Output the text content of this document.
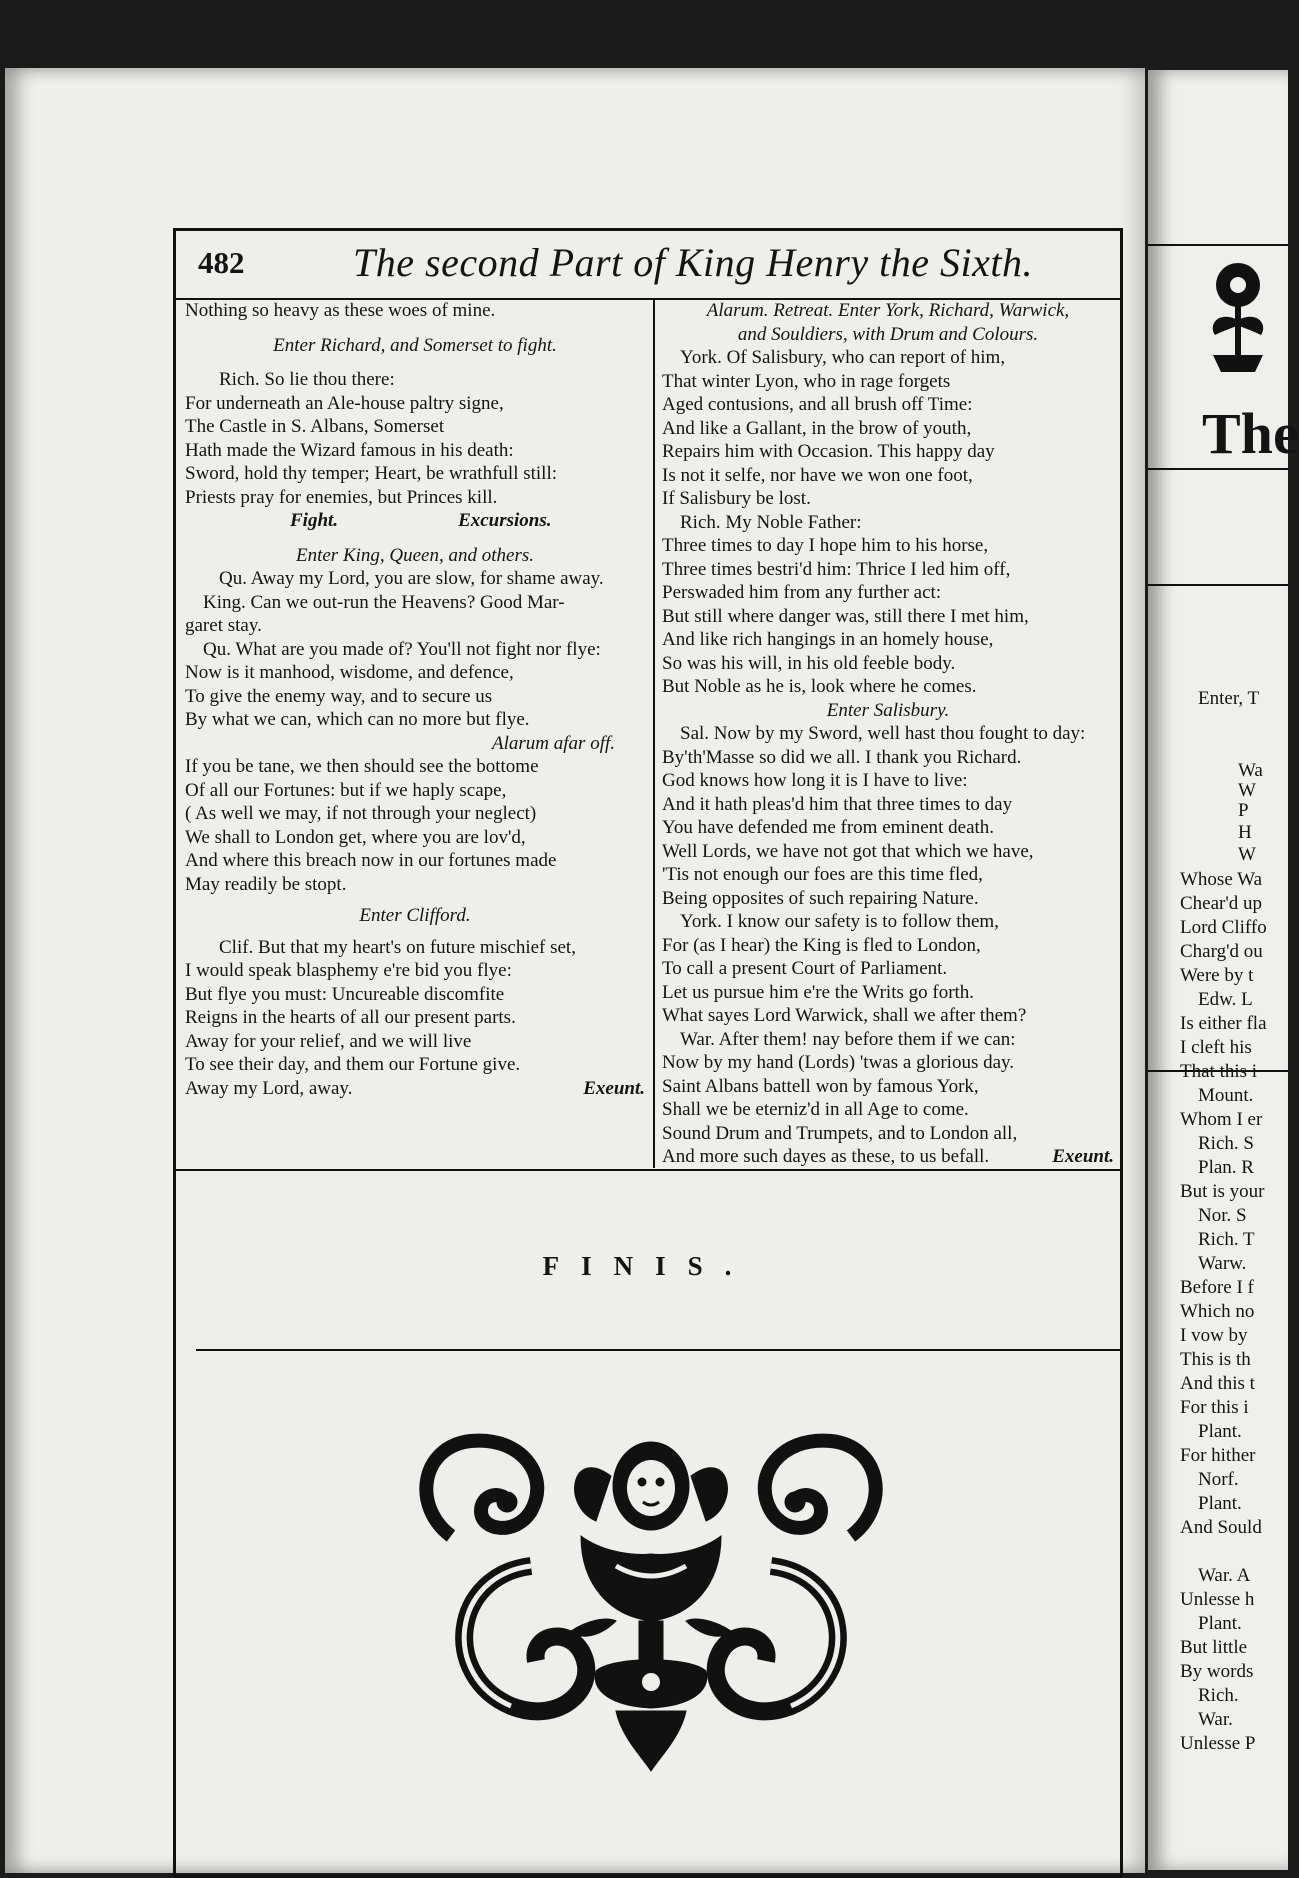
482	The second Part of King Henry the Sixth.
Nothing so heavy as these woes of mine.
Enter Richard, and Somerset to fight.
Rich. So lie thou there:
For underneath an Ale-house paltry signe,
The Castle in S. Albans, Somerset
Hath made the Wizard famous in his death:
Sword, hold thy temper; Heart, be wrathfull still:
Priests pray for enemies, but Princes kill.
Fight.	Excursions.
Enter King, Queen, and others.
Qu. Away my Lord, you are slow, for shame away.
King. Can we out-run the Heavens? Good Mar-
garet stay.
Qu. What are you made of? You'll not fight nor flye:
Now is it manhood, wisdome, and defence,
To give the enemy way, and to secure us
By what we can, which can no more but flye.
Alarum afar off.
If you be tane, we then should see the bottome
Of all our Fortunes: but if we haply scape,
( As well we may, if not through your neglect)
We shall to London get, where you are lov'd,
And where this breach now in our fortunes made
May readily be stopt.
Enter Clifford.
Clif. But that my heart's on future mischief set,
I would speak blasphemy e're bid you flye:
But flye you must: Uncureable discomfite
Reigns in the hearts of all our present parts.
Away for your relief, and we will live
To see their day, and them our Fortune give.
Away my Lord, away.	Exeunt.
Alarum. Retreat. Enter York, Richard, Warwick,
and Souldiers, with Drum and Colours.
York. Of Salisbury, who can report of him,
That winter Lyon, who in rage forgets
Aged contusions, and all brush off Time:
And like a Gallant, in the brow of youth,
Repairs him with Occasion. This happy day
Is not it selfe, nor have we won one foot,
If Salisbury be lost.
Rich. My Noble Father:
Three times to day I hope him to his horse,
Three times bestri'd him: Thrice I led him off,
Perswaded him from any further act:
But still where danger was, still there I met him,
And like rich hangings in an homely house,
So was his will, in his old feeble body.
But Noble as he is, look where he comes.
Enter Salisbury.
Sal. Now by my Sword, well hast thou fought to day:
By'th'Masse so did we all. I thank you Richard.
God knows how long it is I have to live:
And it hath pleas'd him that three times to day
You have defended me from eminent death.
Well Lords, we have not got that which we have,
'Tis not enough our foes are this time fled,
Being opposites of such repairing Nature.
York. I know our safety is to follow them,
For (as I hear) the King is fled to London,
To call a present Court of Parliament.
Let us pursue him e're the Writs go forth.
What sayes Lord Warwick, shall we after them?
War. After them! nay before them if we can:
Now by my hand (Lords) 'twas a glorious day.
Saint Albans battell won by famous York,
Shall we be eterniz'd in all Age to come.
Sound Drum and Trumpets, and to London all,
And more such dayes as these, to us befall.	Exeunt.
FINIS.
The
Enter, T
Wa
W
P
H
W
Whose Wa
Chear'd up
Lord Cliffo
Charg'd ou
Were by t
Edw. L
Is either fla
I cleft his
That this i
Mount.
Whom I er
Rich. S
Plan. R
But is your
Nor. S
Rich. T
Warw.
Before I f
Which no
I vow by
This is th
And this t
For this i
Plant.
For hither
Norf.
Plant.
And Sould
War. A
Unlesse h
Plant.
But little
By words
Rich.
War.
Unlesse P
